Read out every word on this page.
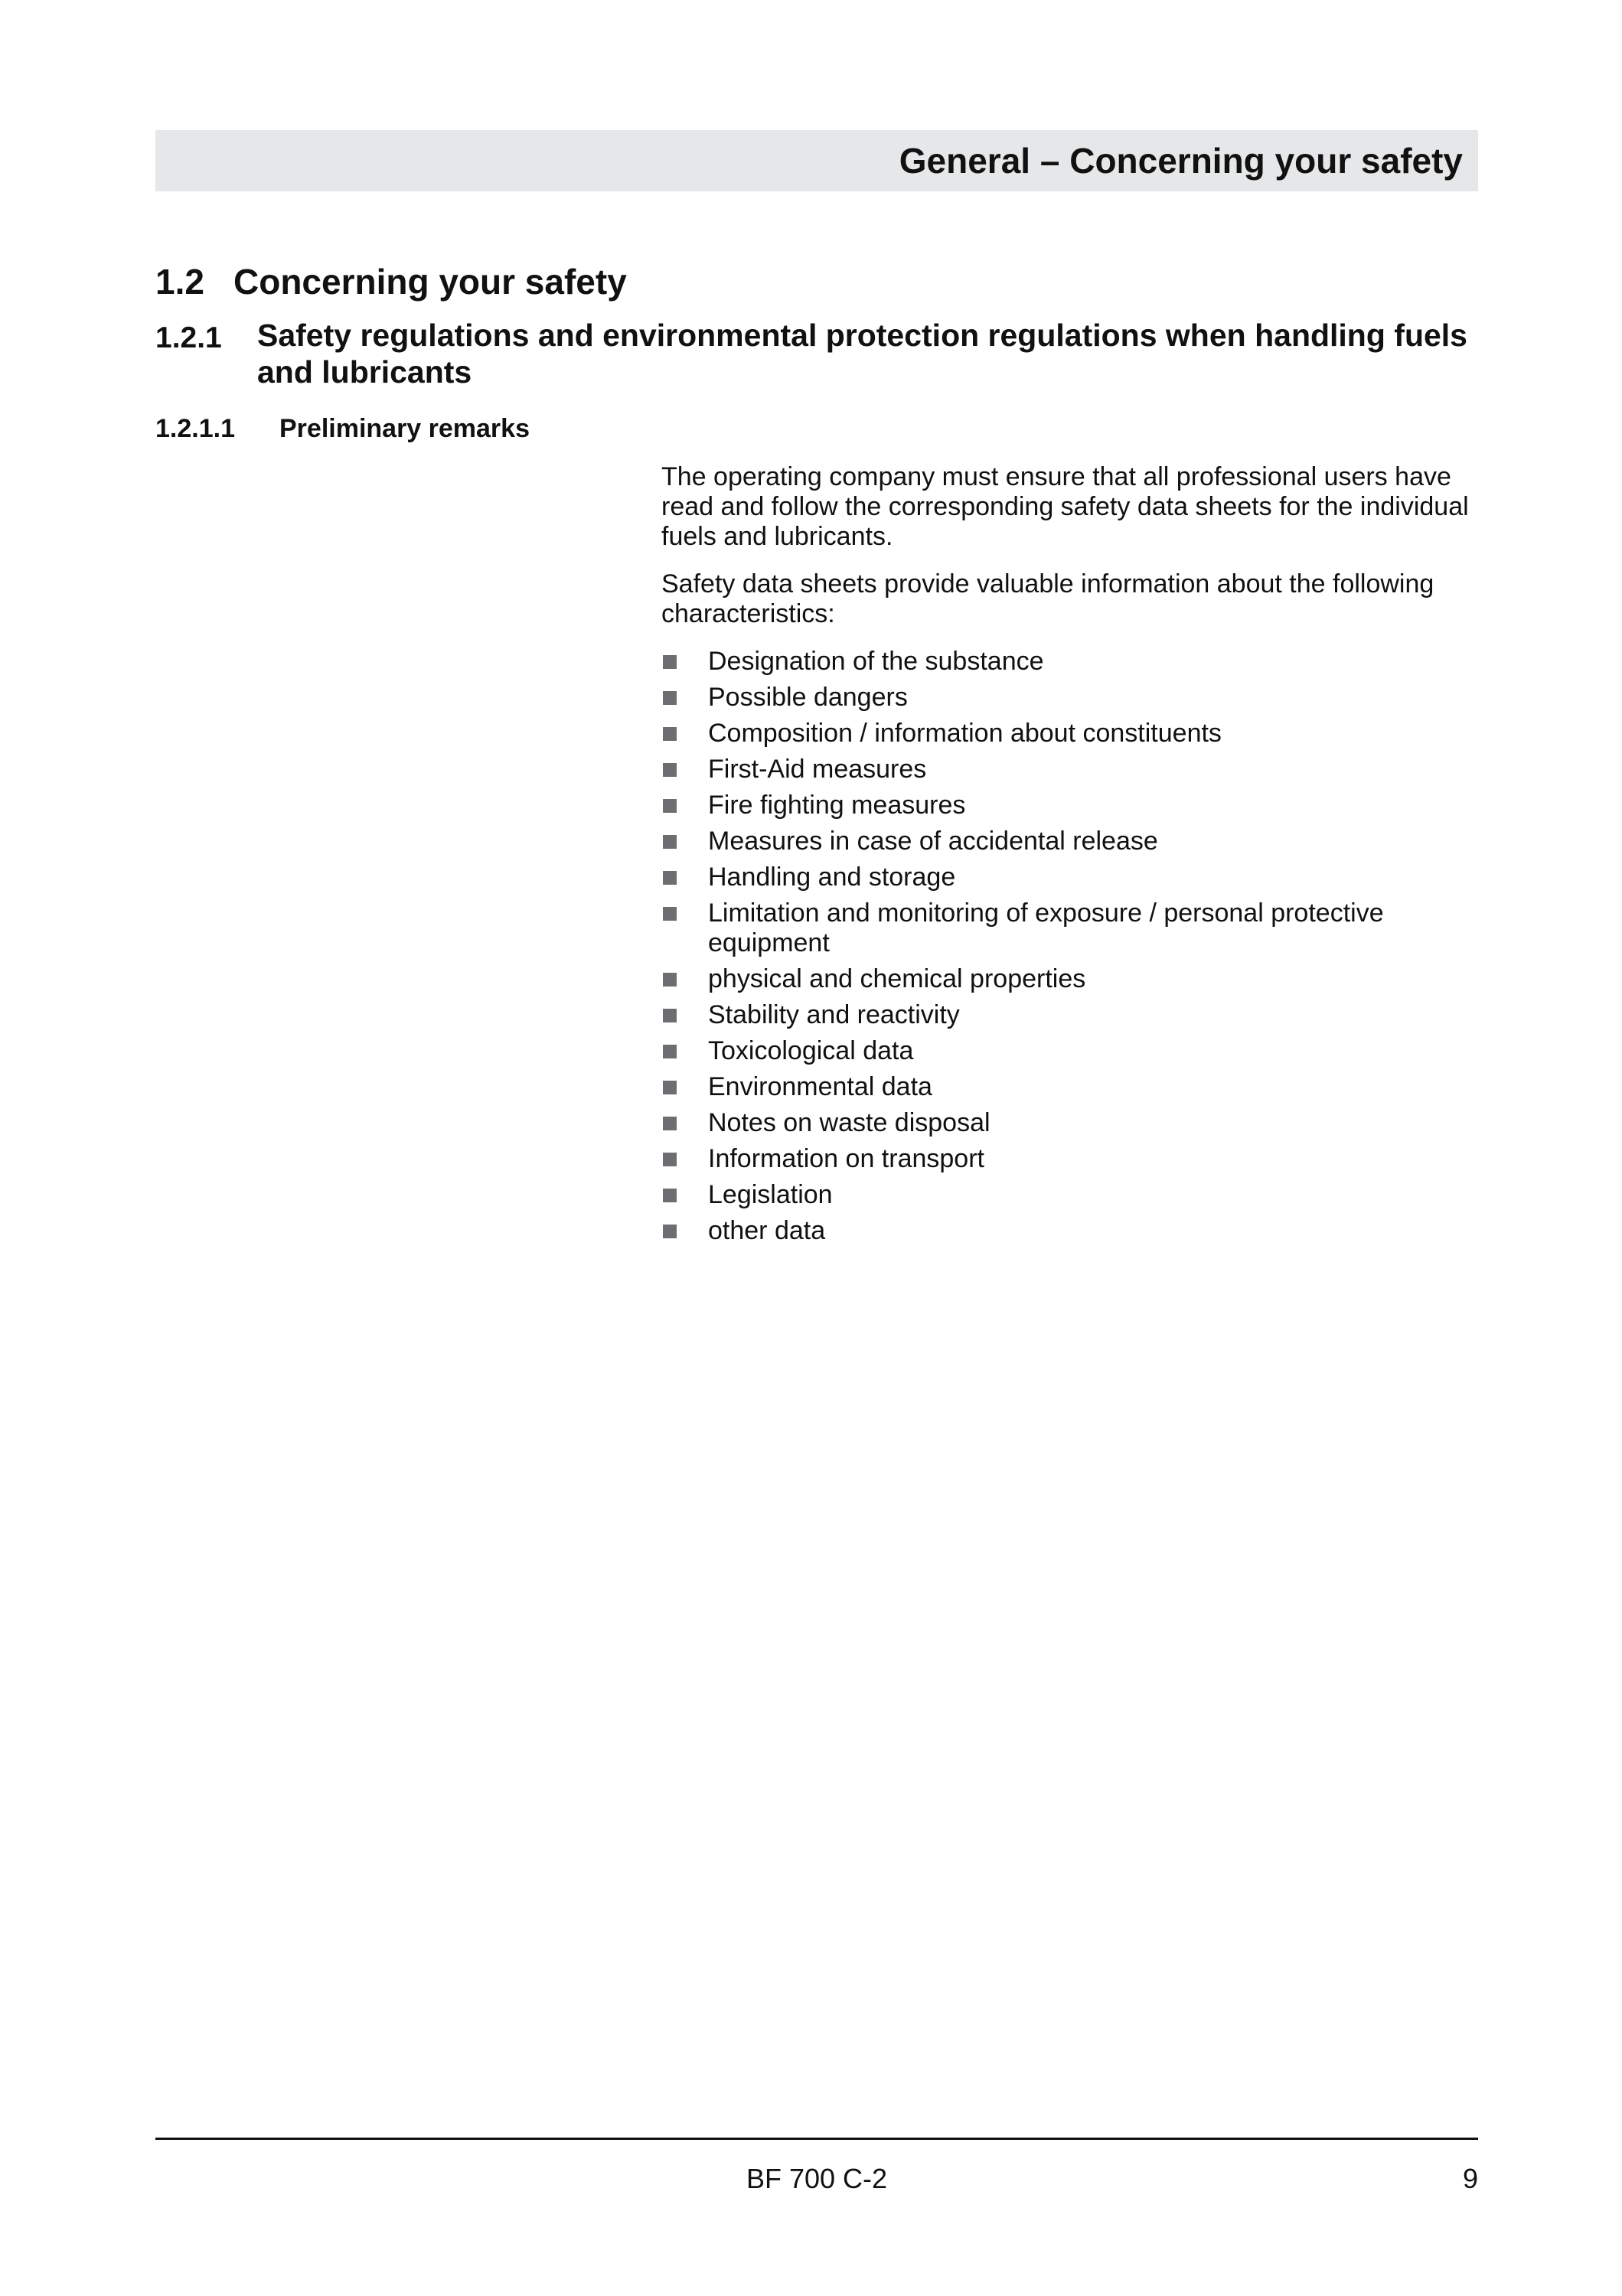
General – Concerning your safety
1.2 Concerning your safety
1.2.1 Safety regulations and environmental protection regulations when handling fuels and lubricants
1.2.1.1 Preliminary remarks

The operating company must ensure that all professional users have read and follow the corresponding safety data sheets for the individual fuels and lubricants.

Safety data sheets provide valuable information about the following characteristics:

Designation of the substance
Possible dangers
Composition / information about constituents
First-Aid measures
Fire fighting measures
Measures in case of accidental release
Handling and storage
Limitation and monitoring of exposure / personal protective equipment
physical and chemical properties
Stability and reactivity
Toxicological data
Environmental data
Notes on waste disposal
Information on transport
Legislation
other data
BF 700 C-2	9
